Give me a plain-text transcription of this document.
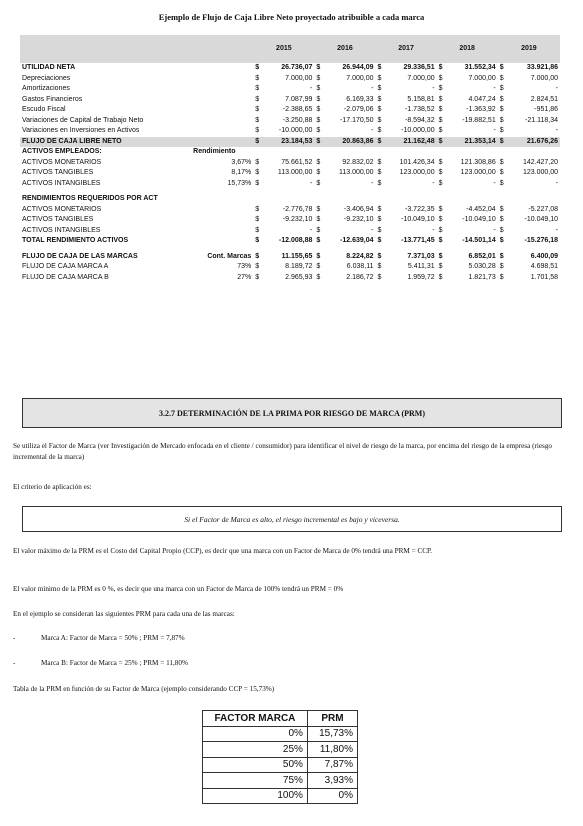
Ejemplo de Flujo de Caja Libre Neto proyectado atribuible a cada marca
		2015		2016		2017		2018		2019	
UTILIDAD NETA		$	26.736,07	$	26.944,09	$	29.336,51	$	31.552,34	$	33.921,86
Depreciaciones		$	7.000,00	$	7.000,00	$	7.000,00	$	7.000,00	$	7.000,00
Amortizaciones		$	-	$	-	$	-	$	-	$	-
Gastos Financieros		$	7.087,99	$	6.169,33	$	5.158,81	$	4.047,24	$	2.824,51
Escudo Fiscal		$	-2.388,65	$	-2.079,06	$	-1.738,52	$	-1.363,92	$	-951,86
Variaciones de Capital de Trabajo Neto		$	-3.250,88	$	-17.170,50	$	-8.594,32	$	-19.882,51	$	-21.118,34
Variaciones en Inversiones en Activos		$	-10.000,00	$	-	$	-10.000,00	$	-	$	-
FLUJO DE CAJA LIBRE NETO		$	23.184,53	$	20.863,86	$	21.162,48	$	21.353,14	$	21.676,26
ACTIVOS EMPLEADOS:	Rendimiento										
ACTIVOS MONETARIOS	3,67%	$	75.661,52	$	92.832,02	$	101.426,34	$	121.308,86	$	142.427,20
ACTIVOS TANGIBLES	8,17%	$	113.000,00	$	113.000,00	$	123.000,00	$	123.000,00	$	123.000,00
ACTIVOS INTANGIBLES	15,73%	$	-	$	-	$	-	$	-	$	-

RENDIMIENTOS REQUERIDOS POR ACT											
ACTIVOS MONETARIOS		$	-2.776,78	$	-3.406,94	$	-3.722,35	$	-4.452,04	$	-5.227,08
ACTIVOS TANGIBLES		$	-9.232,10	$	-9.232,10	$	-10.049,10	$	-10.049,10	$	-10.049,10
ACTIVOS INTANGIBLES		$	-	$	-	$	-	$	-	$	-
TOTAL RENDIMIENTO ACTIVOS		$	-12.008,88	$	-12.639,04	$	-13.771,45	$	-14.501,14	$	-15.276,18

FLUJO DE CAJA DE LAS MARCAS	Cont. Marcas	$	11.155,65	$	8.224,82	$	7.371,03	$	6.852,01	$	6.400,09
FLUJO DE CAJA MARCA A	73%	$	8.189,72	$	6.038,11	$	5.411,31	$	5.030,28	$	4.698,51
FLUJO DE CAJA MARCA B	27%	$	2.965,93	$	2.186,72	$	1.959,72	$	1.821,73	$	1.701,58
3.2.7 DETERMINACIÓN DE LA PRIMA POR RIESGO DE MARCA (PRM)
Se utiliza el Factor de Marca (ver Investigación de Mercado enfocada en el cliente / consumidor) para identificar el nivel de riesgo de la marca, por encima del riesgo de la empresa (riesgo incremental de la marca)
El criterio de aplicación es:
Si el Factor de Marca es alto, el riesgo incremental es bajo y viceversa.
El valor máximo de la PRM es el Costo del Capital Propio (CCP), es decir que una marca con un Factor de Marca de 0% tendrá una PRM = CCP.
El valor mínimo de la PRM es 0 %, es decir que una marca con un Factor de Marca de 100% tendrá un PRM = 0%
En el ejemplo se consideran las siguientes PRM para cada una de las marcas:
-	Marca A: Factor de Marca = 50% ; PRM = 7,87%
-	Marca B: Factor de Marca = 25% ; PRM = 11,80%
Tabla de la PRM en función de su Factor de Marca (ejemplo considerando CCP = 15,73%)
FACTOR MARCA	PRM
0%	15,73%
25%	11,80%
50%	7,87%
75%	3,93%
100%	0%
